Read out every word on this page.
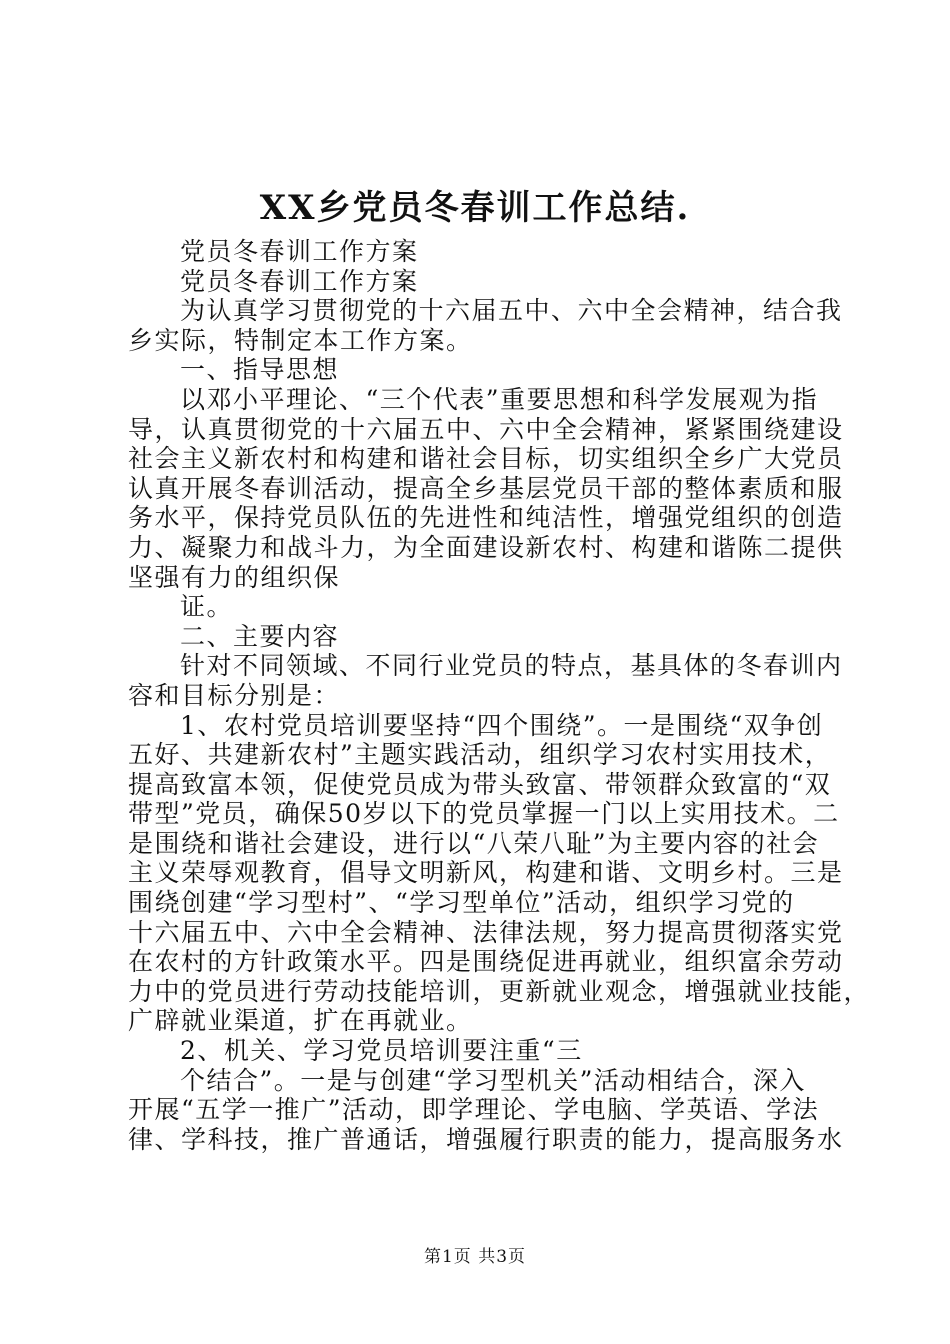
XX乡党员冬春训工作总结.
党员冬春训工作方案
党员冬春训工作方案
为认真学习贯彻党的十六届五中、六中全会精神，结合我
乡实际，特制定本工作方案。
一、指导思想
以邓小平理论、“三个代表”重要思想和科学发展观为指
导，认真贯彻党的十六届五中、六中全会精神，紧紧围绕建设
社会主义新农村和构建和谐社会目标，切实组织全乡广大党员
认真开展冬春训活动，提高全乡基层党员干部的整体素质和服
务水平，保持党员队伍的先进性和纯洁性，增强党组织的创造
力、凝聚力和战斗力，为全面建设新农村、构建和谐陈二提供
坚强有力的组织保
证。
二、主要内容
针对不同领域、不同行业党员的特点，基具体的冬春训内
容和目标分别是：
1、农村党员培训要坚持“四个围绕”。一是围绕“双争创
五好、共建新农村”主题实践活动，组织学习农村实用技术，
提高致富本领，促使党员成为带头致富、带领群众致富的“双
带型”党员，确保50岁以下的党员掌握一门以上实用技术。二
是围绕和谐社会建设，进行以“八荣八耻”为主要内容的社会
主义荣辱观教育，倡导文明新风，构建和谐、文明乡村。三是
围绕创建“学习型村”、“学习型单位”活动，组织学习党的
十六届五中、六中全会精神、法律法规，努力提高贯彻落实党
在农村的方针政策水平。四是围绕促进再就业，组织富余劳动
力中的党员进行劳动技能培训，更新就业观念，增强就业技能，
广辟就业渠道，扩在再就业。
2、机关、学习党员培训要注重“三
个结合”。一是与创建“学习型机关”活动相结合，深入
开展“五学一推广”活动，即学理论、学电脑、学英语、学法
律、学科技，推广普通话，增强履行职责的能力，提高服务水
第1页 共3页
